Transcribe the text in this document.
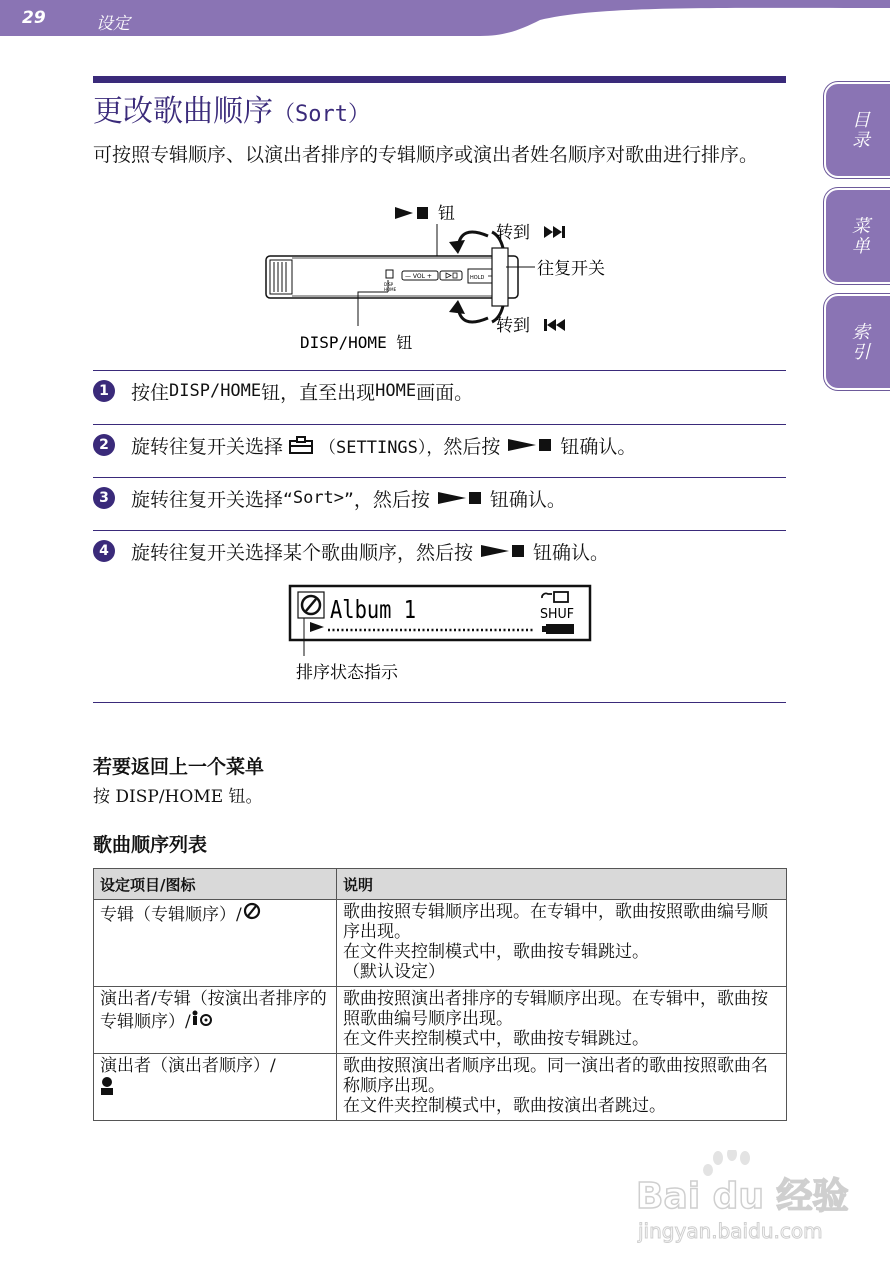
29	设定
目录
菜单
索引
更改歌曲顺序（Sort）
可按照专辑顺序、以演出者排序的专辑顺序或演出者姓名顺序对歌曲进行排序。
钮
DISP
HOME
— VOL +	HOLD
转到
往复开关
转到
DISP/HOME 钮
1	按住 DISP/HOME 钮，直至出现 HOME 画面。
2	旋转往复开关选择 （SETTINGS）， 然后按	钮确认。
3	旋转往复开关选择“ Sort> ”，然后按	钮确认。
4	旋转往复开关选择某个歌曲顺序，然后按	钮确认。
Album 1	SHUF
排序状态指示
若要返回上一个菜单
按 DISP/HOME 钮。
歌曲顺序列表
设定项目/图标	说明
专辑（专辑顺序）/	歌曲按照专辑顺序出现。在专辑中，歌曲按照歌曲编号顺序出现。
在文件夹控制模式中，歌曲按专辑跳过。
（默认设定）

演出者/专辑（按演出者排序的专辑顺序）/	歌曲按照演出者排序的专辑顺序出现。在专辑中，歌曲按照歌曲编号顺序出现。
在文件夹控制模式中，歌曲按专辑跳过。

演出者（演出者顺序）/	歌曲按照演出者顺序出现。同一演出者的歌曲按照歌曲名称顺序出现。
在文件夹控制模式中，歌曲按演出者跳过。
Bai du 经验
jingyan.baidu.com
